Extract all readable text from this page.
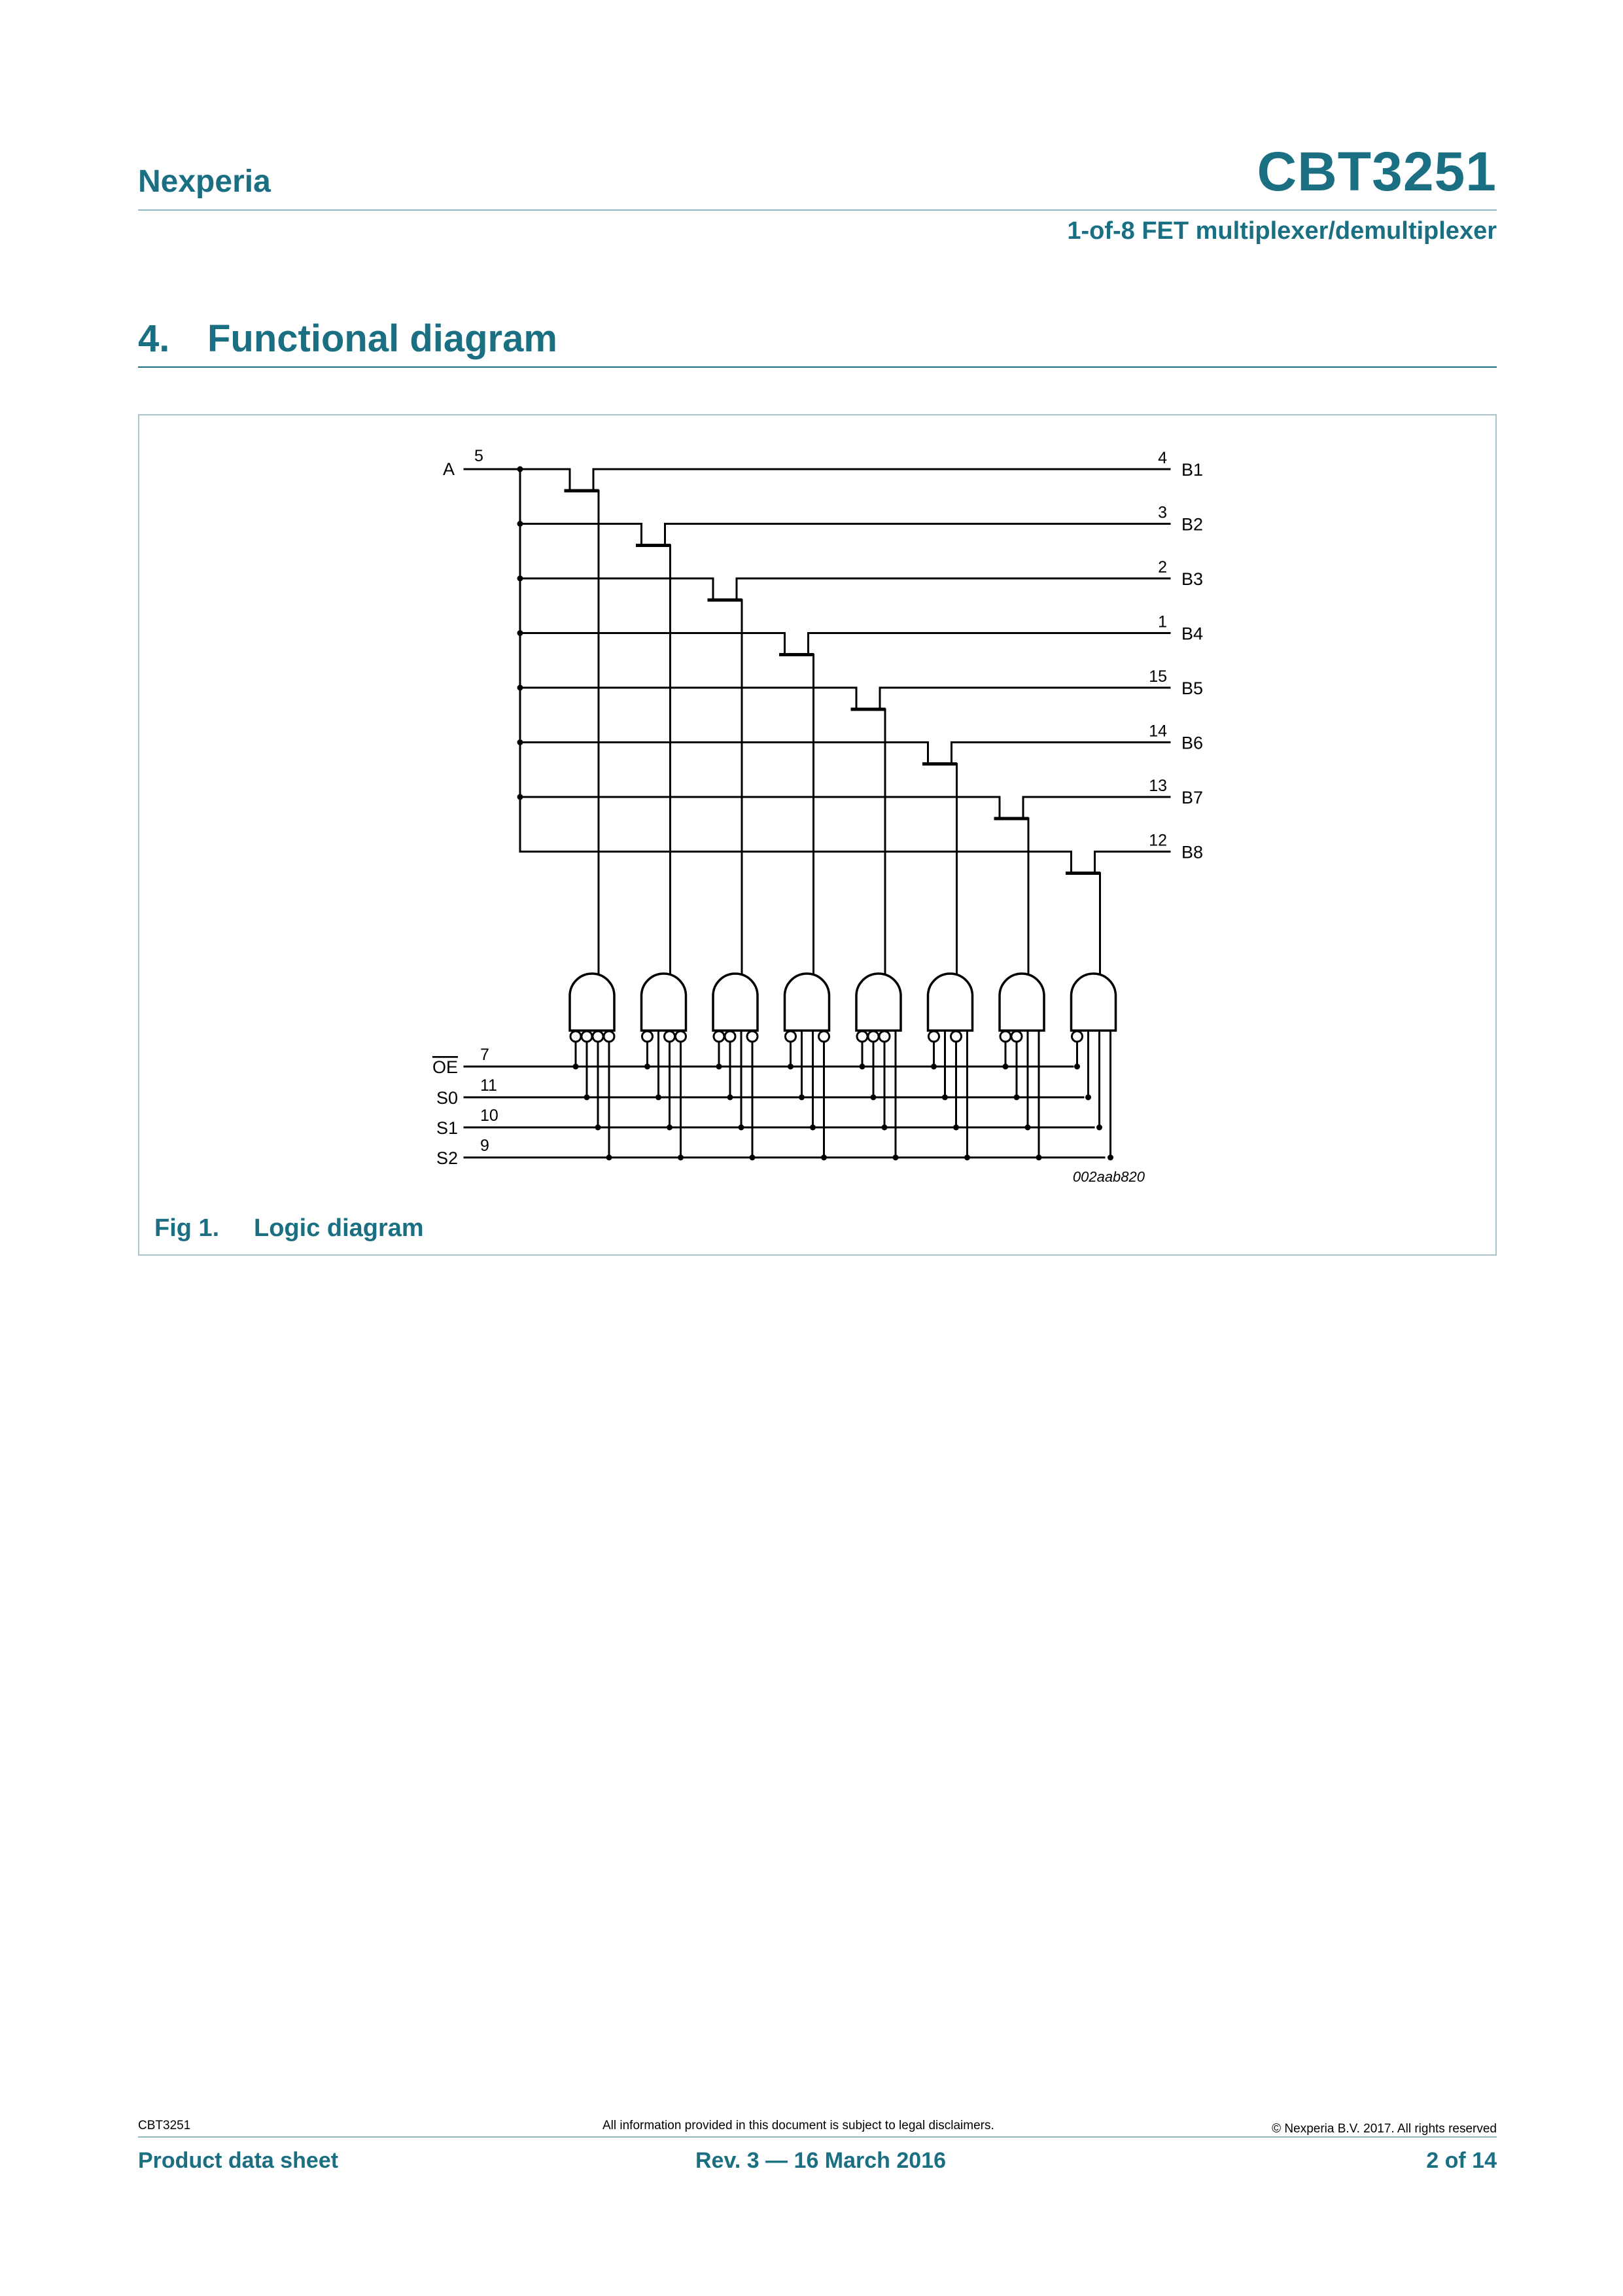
Nexperia	CBT3251
1-of-8 FET multiplexer/demultiplexer
4. Functional diagram
A
5
002aab820
4
B1
3
B2
2
B3
1
B4
15
B5
14
B6
13
B7
12
B8
7
OE
11
S0
10
S1
9
S2
Fig 1. Logic diagram
CBT3251	All information provided in this document is subject to legal disclaimers.	© Nexperia B.V. 2017. All rights reserved
Product data sheet	Rev. 3 — 16 March 2016	2 of 14
